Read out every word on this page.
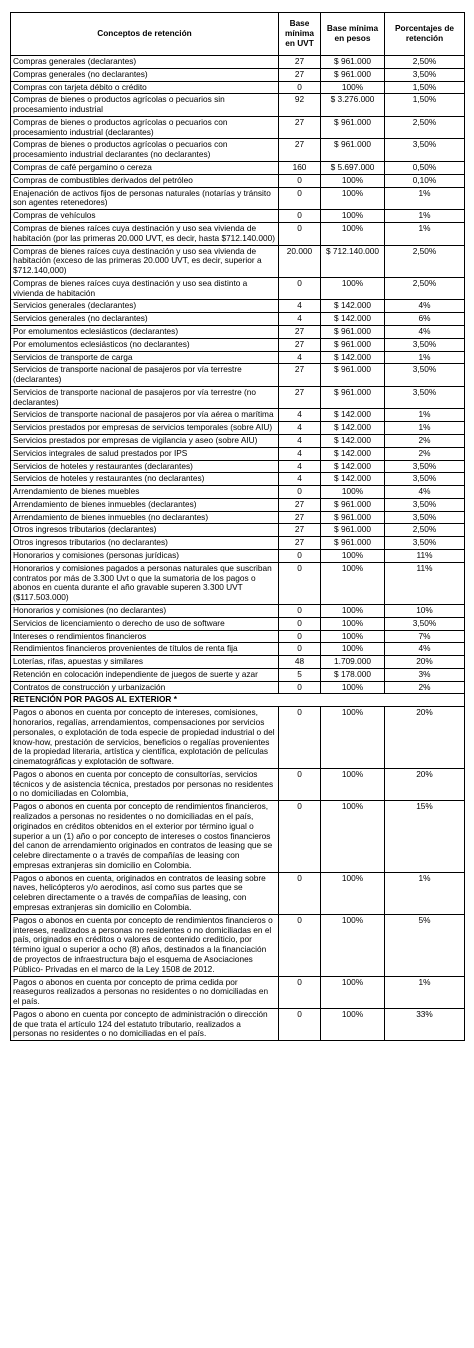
Conceptos de retención	Base mínima en UVT	Base mínima en pesos	Porcentajes de retención
Compras generales (declarantes)	27	$ 961.000	2,50%
Compras generales (no declarantes)	27	$ 961.000	3,50%
Compras con tarjeta débito o crédito	0	100%	1,50%
Compras de bienes o productos agrícolas o pecuarios sin procesamiento industrial	92	$ 3.276.000	1,50%
Compras de bienes o productos agrícolas o pecuarios con procesamiento industrial (declarantes)	27	$ 961.000	2,50%
Compras de bienes o productos agrícolas o pecuarios con procesamiento industrial declarantes (no declarantes)	27	$ 961.000	3,50%
Compras de café pergamino o cereza	160	$ 5.697.000	0,50%
Compras de combustibles derivados del petróleo	0	100%	0,10%
Enajenación de activos fijos de personas naturales (notarías y tránsito son agentes retenedores)	0	100%	1%
Compras de vehículos	0	100%	1%
Compras de bienes raíces cuya destinación y uso sea vivienda de habitación (por las primeras 20.000 UVT, es decir, hasta $712.140.000)	0	100%	1%
Compras de bienes raíces cuya destinación y uso sea vivienda de habitación (exceso de las primeras 20.000 UVT, es decir, superior a $712.140,000)	20.000	$ 712.140.000	2,50%
Compras de bienes raíces cuya destinación y uso sea distinto a vivienda de habitación	0	100%	2,50%
Servicios generales (declarantes)	4	$ 142.000	4%
Servicios generales (no declarantes)	4	$ 142.000	6%
Por emolumentos eclesiásticos (declarantes)	27	$ 961.000	4%
Por emolumentos eclesiásticos (no declarantes)	27	$ 961.000	3,50%
Servicios de transporte de carga	4	$ 142.000	1%
Servicios de transporte nacional de pasajeros por vía terrestre (declarantes)	27	$ 961.000	3,50%
Servicios de transporte nacional de pasajeros por vía terrestre (no declarantes)	27	$ 961.000	3,50%
Servicios de transporte nacional de pasajeros por vía aérea o marítima	4	$ 142.000	1%
Servicios prestados por empresas de servicios temporales (sobre AIU)	4	$ 142.000	1%
Servicios prestados por empresas de vigilancia y aseo (sobre AIU)	4	$ 142.000	2%
Servicios integrales de salud prestados por IPS	4	$ 142.000	2%
Servicios de hoteles y restaurantes (declarantes)	4	$ 142.000	3,50%
Servicios de hoteles y restaurantes (no declarantes)	4	$ 142.000	3,50%
Arrendamiento de bienes muebles	0	100%	4%
Arrendamiento de bienes inmuebles (declarantes)	27	$ 961.000	3,50%
Arrendamiento de bienes inmuebles (no declarantes)	27	$ 961.000	3,50%
Otros ingresos tributarios (declarantes)	27	$ 961.000	2,50%
Otros ingresos tributarios (no declarantes)	27	$ 961.000	3,50%
Honorarios y comisiones (personas jurídicas)	0	100%	11%
Honorarios y comisiones pagados a personas naturales que suscriban contratos por más de 3.300 Uvt o que la sumatoria de los pagos o abonos en cuenta durante el año gravable superen 3.300 UVT ($117.503.000)	0	100%	11%
Honorarios y comisiones (no declarantes)	0	100%	10%
Servicios de licenciamiento o derecho de uso de software	0	100%	3,50%
Intereses o rendimientos financieros	0	100%	7%
Rendimientos financieros provenientes de títulos de renta fija	0	100%	4%
Loterías, rifas, apuestas y similares	48	1.709.000	20%
Retención en colocación independiente de juegos de suerte y azar	5	$ 178.000	3%
Contratos de construcción y urbanización	0	100%	2%
RETENCIÓN POR PAGOS AL EXTERIOR *			
Pagos o abonos en cuenta por concepto de intereses, comisiones, honorarios, regalías, arrendamientos, compensaciones por servicios personales, o explotación de toda especie de propiedad industrial o del know-how, prestación de servicios, beneficios o regalías provenientes de la propiedad literaria, artística y científica, explotación de películas cinematográficas y explotación de software.	0	100%	20%
Pagos o abonos en cuenta por concepto de consultorías, servicios técnicos y de asistencia técnica, prestados por personas no residentes o no domiciliadas en Colombia,	0	100%	20%
Pagos o abonos en cuenta por concepto de rendimientos financieros, realizados a personas no residentes o no domiciliadas en el país, originados en créditos obtenidos en el exterior por término igual o superior a un (1) año o por concepto de intereses o costos financieros del canon de arrendamiento originados en contratos de leasing que se celebre directamente o a través de compañías de leasing con empresas extranjeras sin domicilio en Colombia.	0	100%	15%
Pagos o abonos en cuenta, originados en contratos de leasing sobre naves, helicópteros y/o aerodinos, así como sus partes que se celebren directamente o a través de compañías de leasing, con empresas extranjeras sin domicilio en Colombia.	0	100%	1%
Pagos o abonos en cuenta por concepto de rendimientos financieros o intereses, realizados a personas no residentes o no domiciliadas en el país, originados en créditos o valores de contenido crediticio, por término igual o superior a ocho (8) años, destinados a la financiación de proyectos de infraestructura bajo el esquema de Asociaciones Público- Privadas en el marco de la Ley 1508 de 2012.	0	100%	5%
Pagos o abonos en cuenta por concepto de prima cedida por reaseguros realizados a personas no residentes o no domiciliadas en el país.	0	100%	1%
Pagos o abono en cuenta por concepto de administración o dirección de que trata el artículo 124 del estatuto tributario, realizados a personas no residentes o no domiciliadas en el país.	0	100%	33%
